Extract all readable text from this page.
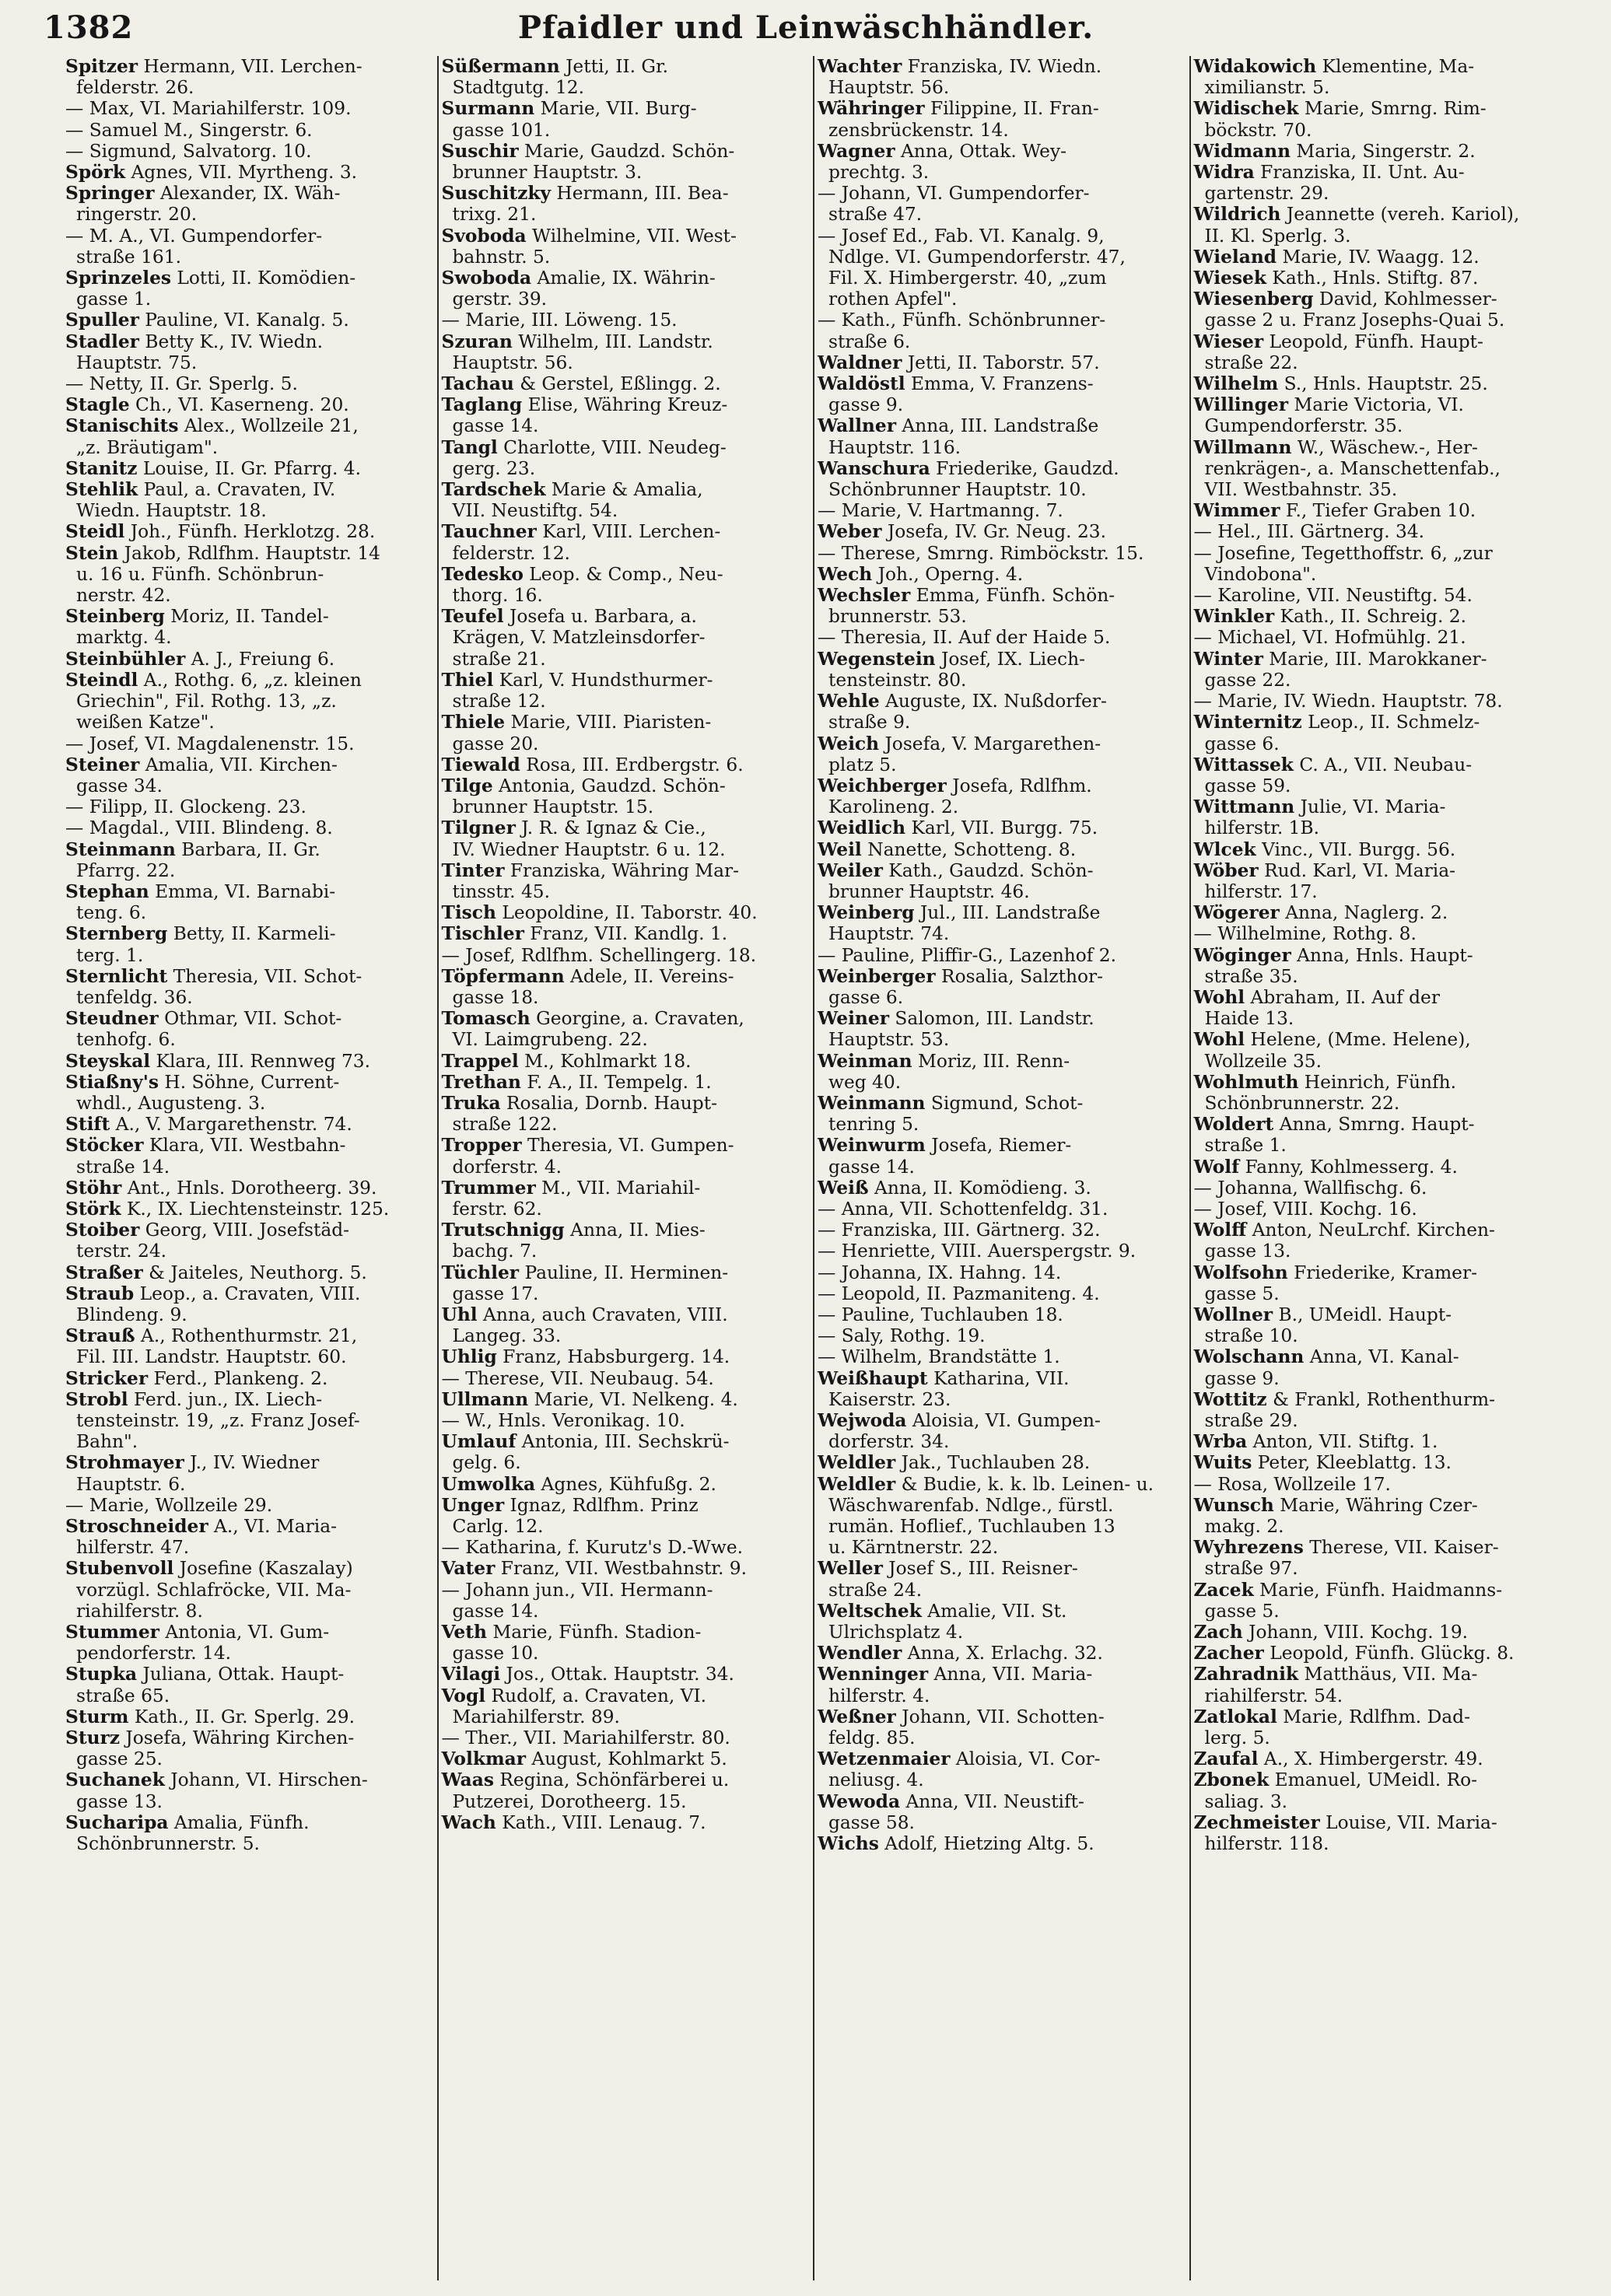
1382	Pfaidler und Leinwäschhändler.
Spitzer Hermann, VII. Lerchen-
felderstr. 26.
— Max, VI. Mariahilferstr. 109.
— Samuel M., Singerstr. 6.
— Sigmund, Salvatorg. 10.
Spörk Agnes, VII. Myrtheng. 3.
Springer Alexander, IX. Wäh-
ringerstr. 20.
— M. A., VI. Gumpendorfer-
straße 161.
Sprinzeles Lotti, II. Komödien-
gasse 1.
Spuller Pauline, VI. Kanalg. 5.
Stadler Betty K., IV. Wiedn.
Hauptstr. 75.
— Netty, II. Gr. Sperlg. 5.
Stagle Ch., VI. Kaserneng. 20.
Stanischits Alex., Wollzeile 21,
„z. Bräutigam".
Stanitz Louise, II. Gr. Pfarrg. 4.
Stehlik Paul, a. Cravaten, IV.
Wiedn. Hauptstr. 18.
Steidl Joh., Fünfh. Herklotzg. 28.
Stein Jakob, Rdlfhm. Hauptstr. 14
u. 16 u. Fünfh. Schönbrun-
nerstr. 42.
Steinberg Moriz, II. Tandel-
marktg. 4.
Steinbühler A. J., Freiung 6.
Steindl A., Rothg. 6, „z. kleinen
Griechin", Fil. Rothg. 13, „z.
weißen Katze".
— Josef, VI. Magdalenenstr. 15.
Steiner Amalia, VII. Kirchen-
gasse 34.
— Filipp, II. Glockeng. 23.
— Magdal., VIII. Blindeng. 8.
Steinmann Barbara, II. Gr.
Pfarrg. 22.
Stephan Emma, VI. Barnabi-
teng. 6.
Sternberg Betty, II. Karmeli-
terg. 1.
Sternlicht Theresia, VII. Schot-
tenfeldg. 36.
Steudner Othmar, VII. Schot-
tenhofg. 6.
Steyskal Klara, III. Rennweg 73.
Stiaßny's H. Söhne, Current-
whdl., Augusteng. 3.
Stift A., V. Margarethenstr. 74.
Stöcker Klara, VII. Westbahn-
straße 14.
Stöhr Ant., Hnls. Dorotheerg. 39.
Störk K., IX. Liechtensteinstr. 125.
Stoiber Georg, VIII. Josefstäd-
terstr. 24.
Straßer & Jaiteles, Neuthorg. 5.
Straub Leop., a. Cravaten, VIII.
Blindeng. 9.
Strauß A., Rothenthurmstr. 21,
Fil. III. Landstr. Hauptstr. 60.
Stricker Ferd., Plankeng. 2.
Strobl Ferd. jun., IX. Liech-
tensteinstr. 19, „z. Franz Josef-
Bahn".
Strohmayer J., IV. Wiedner
Hauptstr. 6.
— Marie, Wollzeile 29.
Stroschneider A., VI. Maria-
hilferstr. 47.
Stubenvoll Josefine (Kaszalay)
vorzügl. Schlafröcke, VII. Ma-
riahilferstr. 8.
Stummer Antonia, VI. Gum-
pendorferstr. 14.
Stupka Juliana, Ottak. Haupt-
straße 65.
Sturm Kath., II. Gr. Sperlg. 29.
Sturz Josefa, Währing Kirchen-
gasse 25.
Suchanek Johann, VI. Hirschen-
gasse 13.
Sucharipa Amalia, Fünfh.
Schönbrunnerstr. 5.
Süßermann Jetti, II. Gr.
Stadtgutg. 12.
Surmann Marie, VII. Burg-
gasse 101.
Suschir Marie, Gaudzd. Schön-
brunner Hauptstr. 3.
Suschitzky Hermann, III. Bea-
trixg. 21.
Svoboda Wilhelmine, VII. West-
bahnstr. 5.
Swoboda Amalie, IX. Währin-
gerstr. 39.
— Marie, III. Löweng. 15.
Szuran Wilhelm, III. Landstr.
Hauptstr. 56.
Tachau & Gerstel, Eßlingg. 2.
Taglang Elise, Währing Kreuz-
gasse 14.
Tangl Charlotte, VIII. Neudeg-
gerg. 23.
Tardschek Marie & Amalia,
VII. Neustiftg. 54.
Tauchner Karl, VIII. Lerchen-
felderstr. 12.
Tedesko Leop. & Comp., Neu-
thorg. 16.
Teufel Josefa u. Barbara, a.
Krägen, V. Matzleinsdorfer-
straße 21.
Thiel Karl, V. Hundsthurmer-
straße 12.
Thiele Marie, VIII. Piaristen-
gasse 20.
Tiewald Rosa, III. Erdbergstr. 6.
Tilge Antonia, Gaudzd. Schön-
brunner Hauptstr. 15.
Tilgner J. R. & Ignaz & Cie.,
IV. Wiedner Hauptstr. 6 u. 12.
Tinter Franziska, Währing Mar-
tinsstr. 45.
Tisch Leopoldine, II. Taborstr. 40.
Tischler Franz, VII. Kandlg. 1.
— Josef, Rdlfhm. Schellingerg. 18.
Töpfermann Adele, II. Vereins-
gasse 18.
Tomasch Georgine, a. Cravaten,
VI. Laimgrubeng. 22.
Trappel M., Kohlmarkt 18.
Trethan F. A., II. Tempelg. 1.
Truka Rosalia, Dornb. Haupt-
straße 122.
Tropper Theresia, VI. Gumpen-
dorferstr. 4.
Trummer M., VII. Mariahil-
ferstr. 62.
Trutschnigg Anna, II. Mies-
bachg. 7.
Tüchler Pauline, II. Herminen-
gasse 17.
Uhl Anna, auch Cravaten, VIII.
Langeg. 33.
Uhlig Franz, Habsburgerg. 14.
— Therese, VII. Neubaug. 54.
Ullmann Marie, VI. Nelkeng. 4.
— W., Hnls. Veronikag. 10.
Umlauf Antonia, III. Sechskrü-
gelg. 6.
Umwolka Agnes, Kühfußg. 2.
Unger Ignaz, Rdlfhm. Prinz
Carlg. 12.
— Katharina, f. Kurutz's D.-Wwe.
Vater Franz, VII. Westbahnstr. 9.
— Johann jun., VII. Hermann-
gasse 14.
Veth Marie, Fünfh. Stadion-
gasse 10.
Vilagi Jos., Ottak. Hauptstr. 34.
Vogl Rudolf, a. Cravaten, VI.
Mariahilferstr. 89.
— Ther., VII. Mariahilferstr. 80.
Volkmar August, Kohlmarkt 5.
Waas Regina, Schönfärberei u.
Putzerei, Dorotheerg. 15.
Wach Kath., VIII. Lenaug. 7.
Wachter Franziska, IV. Wiedn.
Hauptstr. 56.
Währinger Filippine, II. Fran-
zensbrückenstr. 14.
Wagner Anna, Ottak. Wey-
prechtg. 3.
— Johann, VI. Gumpendorfer-
straße 47.
— Josef Ed., Fab. VI. Kanalg. 9,
Ndlge. VI. Gumpendorferstr. 47,
Fil. X. Himbergerstr. 40, „zum
rothen Apfel".
— Kath., Fünfh. Schönbrunner-
straße 6.
Waldner Jetti, II. Taborstr. 57.
Waldöstl Emma, V. Franzens-
gasse 9.
Wallner Anna, III. Landstraße
Hauptstr. 116.
Wanschura Friederike, Gaudzd.
Schönbrunner Hauptstr. 10.
— Marie, V. Hartmanng. 7.
Weber Josefa, IV. Gr. Neug. 23.
— Therese, Smrng. Rimböckstr. 15.
Wech Joh., Operng. 4.
Wechsler Emma, Fünfh. Schön-
brunnerstr. 53.
— Theresia, II. Auf der Haide 5.
Wegenstein Josef, IX. Liech-
tensteinstr. 80.
Wehle Auguste, IX. Nußdorfer-
straße 9.
Weich Josefa, V. Margarethen-
platz 5.
Weichberger Josefa, Rdlfhm.
Karolineng. 2.
Weidlich Karl, VII. Burgg. 75.
Weil Nanette, Schotteng. 8.
Weiler Kath., Gaudzd. Schön-
brunner Hauptstr. 46.
Weinberg Jul., III. Landstraße
Hauptstr. 74.
— Pauline, Pliffir-G., Lazenhof 2.
Weinberger Rosalia, Salzthor-
gasse 6.
Weiner Salomon, III. Landstr.
Hauptstr. 53.
Weinman Moriz, III. Renn-
weg 40.
Weinmann Sigmund, Schot-
tenring 5.
Weinwurm Josefa, Riemer-
gasse 14.
Weiß Anna, II. Komödieng. 3.
— Anna, VII. Schottenfeldg. 31.
— Franziska, III. Gärtnerg. 32.
— Henriette, VIII. Auerspergstr. 9.
— Johanna, IX. Hahng. 14.
— Leopold, II. Pazmaniteng. 4.
— Pauline, Tuchlauben 18.
— Saly, Rothg. 19.
— Wilhelm, Brandstätte 1.
Weißhaupt Katharina, VII.
Kaiserstr. 23.
Wejwoda Aloisia, VI. Gumpen-
dorferstr. 34.
Weldler Jak., Tuchlauben 28.
Weldler & Budie, k. k. lb. Leinen- u.
Wäschwarenfab. Ndlge., fürstl.
rumän. Hoflief., Tuchlauben 13
u. Kärntnerstr. 22.
Weller Josef S., III. Reisner-
straße 24.
Weltschek Amalie, VII. St.
Ulrichsplatz 4.
Wendler Anna, X. Erlachg. 32.
Wenninger Anna, VII. Maria-
hilferstr. 4.
Weßner Johann, VII. Schotten-
feldg. 85.
Wetzenmaier Aloisia, VI. Cor-
neliusg. 4.
Wewoda Anna, VII. Neustift-
gasse 58.
Wichs Adolf, Hietzing Altg. 5.
Widakowich Klementine, Ma-
ximilianstr. 5.
Widischek Marie, Smrng. Rim-
böckstr. 70.
Widmann Maria, Singerstr. 2.
Widra Franziska, II. Unt. Au-
gartenstr. 29.
Wildrich Jeannette (vereh. Kariol),
II. Kl. Sperlg. 3.
Wieland Marie, IV. Waagg. 12.
Wiesek Kath., Hnls. Stiftg. 87.
Wiesenberg David, Kohlmesser-
gasse 2 u. Franz Josephs-Quai 5.
Wieser Leopold, Fünfh. Haupt-
straße 22.
Wilhelm S., Hnls. Hauptstr. 25.
Willinger Marie Victoria, VI.
Gumpendorferstr. 35.
Willmann W., Wäschew.-, Her-
renkrägen-, a. Manschettenfab.,
VII. Westbahnstr. 35.
Wimmer F., Tiefer Graben 10.
— Hel., III. Gärtnerg. 34.
— Josefine, Tegetthoffstr. 6, „zur
Vindobona".
— Karoline, VII. Neustiftg. 54.
Winkler Kath., II. Schreig. 2.
— Michael, VI. Hofmühlg. 21.
Winter Marie, III. Marokkaner-
gasse 22.
— Marie, IV. Wiedn. Hauptstr. 78.
Winternitz Leop., II. Schmelz-
gasse 6.
Wittassek C. A., VII. Neubau-
gasse 59.
Wittmann Julie, VI. Maria-
hilferstr. 1B.
Wlcek Vinc., VII. Burgg. 56.
Wöber Rud. Karl, VI. Maria-
hilferstr. 17.
Wögerer Anna, Naglerg. 2.
— Wilhelmine, Rothg. 8.
Wöginger Anna, Hnls. Haupt-
straße 35.
Wohl Abraham, II. Auf der
Haide 13.
Wohl Helene, (Mme. Helene),
Wollzeile 35.
Wohlmuth Heinrich, Fünfh.
Schönbrunnerstr. 22.
Woldert Anna, Smrng. Haupt-
straße 1.
Wolf Fanny, Kohlmesserg. 4.
— Johanna, Wallfischg. 6.
— Josef, VIII. Kochg. 16.
Wolff Anton, NeuLrchf. Kirchen-
gasse 13.
Wolfsohn Friederike, Kramer-
gasse 5.
Wollner B., UMeidl. Haupt-
straße 10.
Wolschann Anna, VI. Kanal-
gasse 9.
Wottitz & Frankl, Rothenthurm-
straße 29.
Wrba Anton, VII. Stiftg. 1.
Wuits Peter, Kleeblattg. 13.
— Rosa, Wollzeile 17.
Wunsch Marie, Währing Czer-
makg. 2.
Wyhrezens Therese, VII. Kaiser-
straße 97.
Zacek Marie, Fünfh. Haidmanns-
gasse 5.
Zach Johann, VIII. Kochg. 19.
Zacher Leopold, Fünfh. Glückg. 8.
Zahradnik Matthäus, VII. Ma-
riahilferstr. 54.
Zatlokal Marie, Rdlfhm. Dad-
lerg. 5.
Zaufal A., X. Himbergerstr. 49.
Zbonek Emanuel, UMeidl. Ro-
saliag. 3.
Zechmeister Louise, VII. Maria-
hilferstr. 118.
